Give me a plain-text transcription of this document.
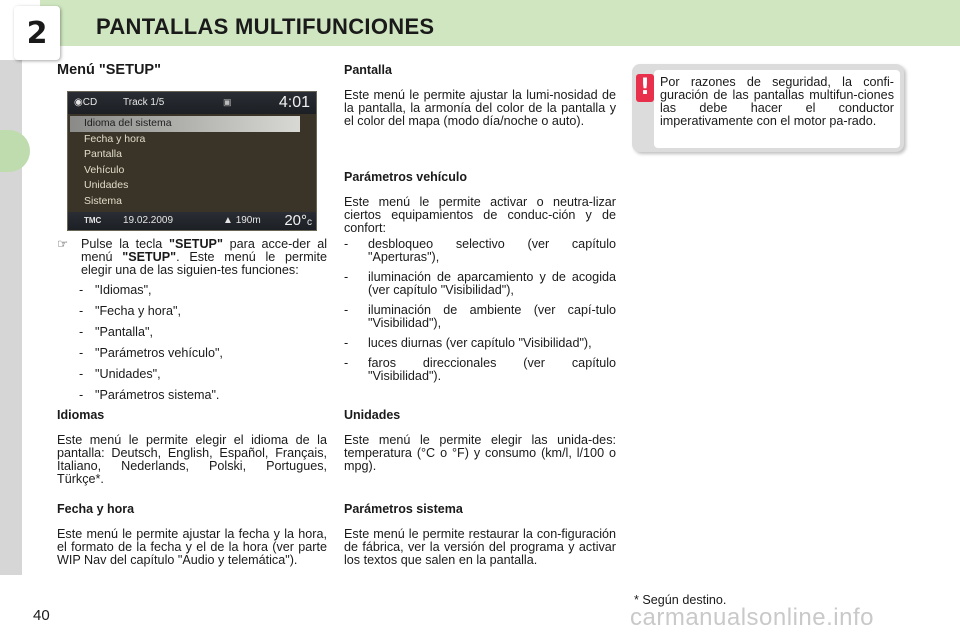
2 PANTALLAS MULTIFUNCIONES
Menú "SETUP"
◉CD	Track 1/5	▣	4:01
Idioma del sistema
Fecha y hora
Pantalla
Vehículo
Unidades
Sistema
TMC 19.02.2009	▲ 190m 20°c

☞ Pulse la tecla "SETUP" para acce-der al menú "SETUP". Este menú le permite elegir una de las siguien-tes funciones:

- "Idiomas",
- "Fecha y hora",
- "Pantalla",
- "Parámetros vehículo",
- "Unidades",
- "Parámetros sistema".
Idiomas

Este menú le permite elegir el idioma de la pantalla: Deutsch, English, Español, Français, Italiano, Nederlands, Polski, Portugues, Türkçe*.

Fecha y hora

Este menú le permite ajustar la fecha y la hora, el formato de la fecha y el de la hora (ver parte WIP Nav del capítulo "Audio y telemática").

Pantalla

Este menú le permite ajustar la lumi-nosidad de la pantalla, la armonía del color de la pantalla y el color del mapa (modo día/noche o auto).

Parámetros vehículo

Este menú le permite activar o neutra-lizar ciertos equipamientos de conduc-ción y de confort:

- desbloqueo selectivo (ver capítulo "Aperturas"),
- iluminación de aparcamiento y de acogida (ver capítulo "Visibilidad"),
- iluminación de ambiente (ver capí-tulo "Visibilidad"),
- luces diurnas (ver capítulo "Visibilidad"),
- faros direccionales (ver capítulo "Visibilidad").
Unidades

Este menú le permite elegir las unida-des: temperatura (°C o °F) y consumo (km/l, l/100 o mpg).

Parámetros sistema

Este menú le permite restaurar la con-figuración de fábrica, ver la versión del programa y activar los textos que salen en la pantalla.

! Por razones de seguridad, la confi-guración de las pantallas multifun-ciones las debe hacer el conductor imperativamente con el motor pa-rado.
* Según destino.
40	carmanualsonline.info
